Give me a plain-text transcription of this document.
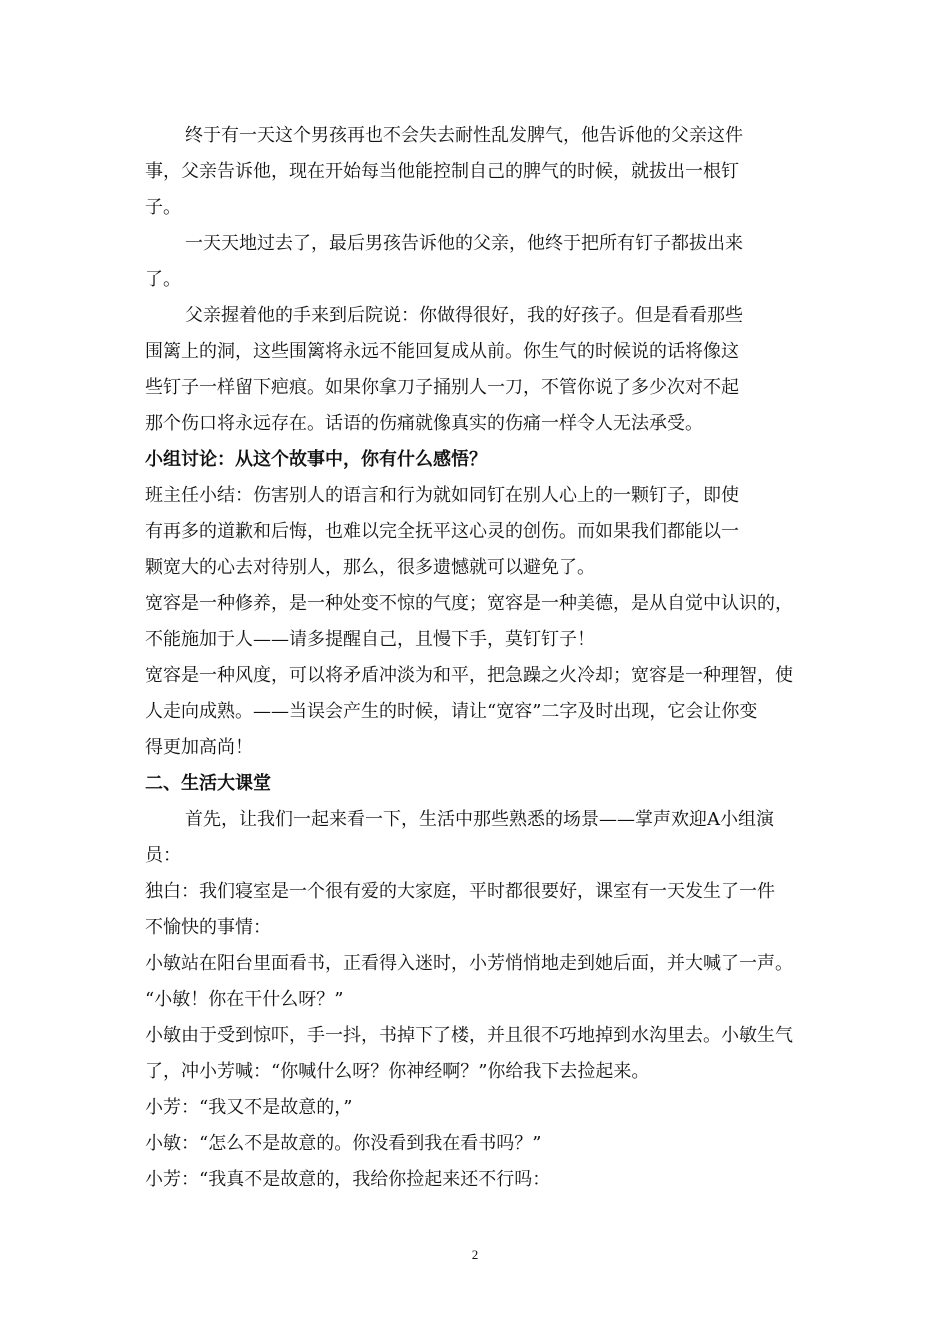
终于有一天这个男孩再也不会失去耐性乱发脾气，他告诉他的父亲这件
事，父亲告诉他，现在开始每当他能控制自己的脾气的时候，就拔出一根钉
子。
一天天地过去了，最后男孩告诉他的父亲，他终于把所有钉子都拔出来
了。
父亲握着他的手来到后院说：你做得很好，我的好孩子。但是看看那些
围篱上的洞，这些围篱将永远不能回复成从前。你生气的时候说的话将像这
些钉子一样留下疤痕。如果你拿刀子捅别人一刀，不管你说了多少次对不起
那个伤口将永远存在。话语的伤痛就像真实的伤痛一样令人无法承受。
小组讨论：从这个故事中，你有什么感悟？
班主任小结：伤害别人的语言和行为就如同钉在别人心上的一颗钉子，即使
有再多的道歉和后悔，也难以完全抚平这心灵的创伤。而如果我们都能以一
颗宽大的心去对待别人，那么，很多遗憾就可以避免了。
宽容是一种修养，是一种处变不惊的气度；宽容是一种美德，是从自觉中认识的，
不能施加于人——请多提醒自己，且慢下手，莫钉钉子！
宽容是一种风度，可以将矛盾冲淡为和平，把急躁之火冷却；宽容是一种理智，使
人走向成熟。——当误会产生的时候，请让“宽容”二字及时出现，它会让你变
得更加高尚！
二、生活大课堂
首先，让我们一起来看一下，生活中那些熟悉的场景——掌声欢迎A小组演
员：
独白：我们寝室是一个很有爱的大家庭，平时都很要好，课室有一天发生了一件
不愉快的事情：
小敏站在阳台里面看书，正看得入迷时，小芳悄悄地走到她后面，并大喊了一声。
“小敏！你在干什么呀？”
小敏由于受到惊吓，手一抖，书掉下了楼，并且很不巧地掉到水沟里去。小敏生气
了，冲小芳喊：“你喊什么呀？你神经啊？”你给我下去捡起来。
小芳：“我又不是故意的，”
小敏：“怎么不是故意的。你没看到我在看书吗？”
小芳：“我真不是故意的，我给你捡起来还不行吗：
2
